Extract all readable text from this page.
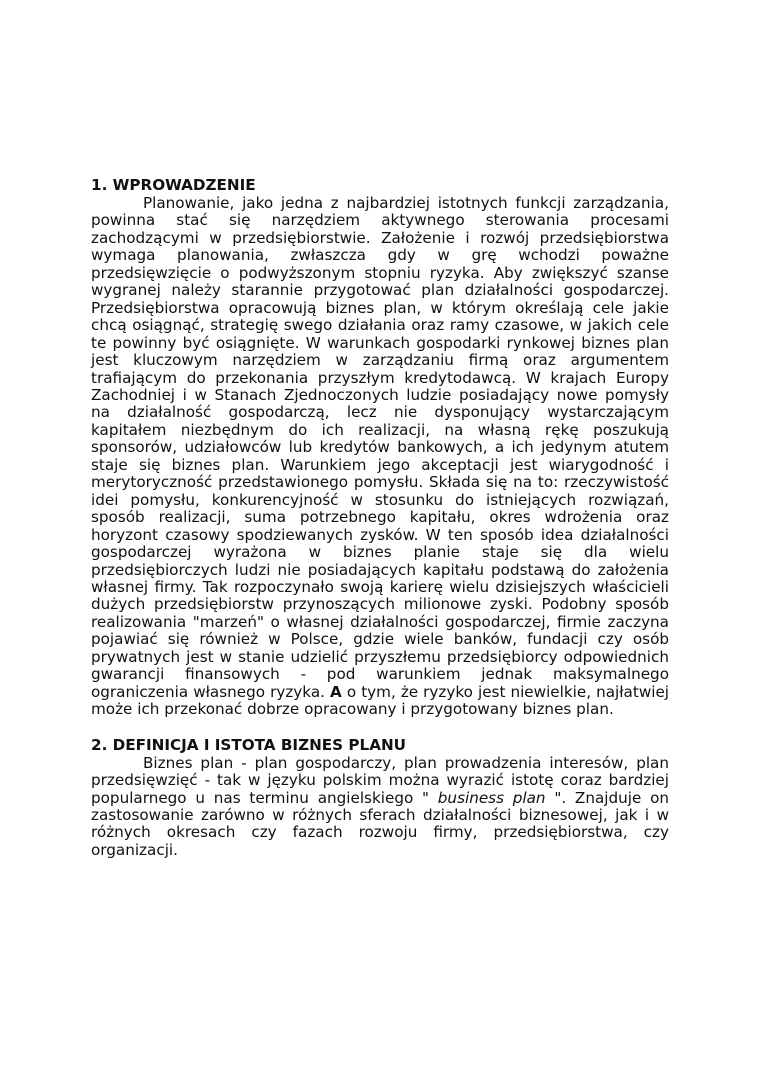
1. WPROWADZENIE

Planowanie, jako jedna z najbardziej istotnych funkcji zarządzania, powinna stać się narzędziem aktywnego sterowania procesami zachodzącymi w przedsiębiorstwie. Założenie i rozwój przedsiębiorstwa wymaga planowania, zwłaszcza gdy w grę wchodzi poważne przedsięwzięcie o podwyższonym stopniu ryzyka. Aby zwiększyć szanse wygranej należy starannie przygotować plan działalności gospodarczej. Przedsiębiorstwa opracowują biznes plan, w którym określają cele jakie chcą osiągnąć, strategię swego działania oraz ramy czasowe, w jakich cele te powinny być osiągnięte. W warunkach gospodarki rynkowej biznes plan jest kluczowym narzędziem w zarządzaniu firmą oraz argumentem trafiającym do przekonania przyszłym kredytodawcą. W krajach Europy Zachodniej i w Stanach Zjednoczonych ludzie posiadający nowe pomysły na działalność gospodarczą, lecz nie dysponujący wystarczającym kapitałem niezbędnym do ich realizacji, na własną rękę poszukują sponsorów, udziałowców lub kredytów bankowych, a ich jedynym atutem staje się biznes plan. Warunkiem jego akceptacji jest wiarygodność i merytoryczność przedstawionego pomysłu. Składa się na to: rzeczywistość idei pomysłu, konkurencyjność w stosunku do istniejących rozwiązań, sposób realizacji, suma potrzebnego kapitału, okres wdrożenia oraz horyzont czasowy spodziewanych zysków. W ten sposób idea działalności gospodarczej wyrażona w biznes planie staje się dla wielu przedsiębiorczych ludzi nie posiadających kapitału podstawą do założenia własnej firmy. Tak rozpoczynało swoją karierę wielu dzisiejszych właścicieli dużych przedsiębiorstw przynoszących milionowe zyski. Podobny sposób realizowania "marzeń" o własnej działalności gospodarczej, firmie zaczyna pojawiać się również w Polsce, gdzie wiele banków, fundacji czy osób prywatnych jest w stanie udzielić przyszłemu przedsiębiorcy odpowiednich gwarancji finansowych - pod warunkiem jednak maksymalnego ograniczenia własnego ryzyka. A o tym, że ryzyko jest niewielkie, najłatwiej może ich przekonać dobrze opracowany i przygotowany biznes plan.

2. DEFINICJA I ISTOTA BIZNES PLANU

Biznes plan - plan gospodarczy, plan prowadzenia interesów, plan przedsięwzięć - tak w języku polskim można wyrazić istotę coraz bardziej popularnego u nas terminu angielskiego " business plan ". Znajduje on zastosowanie zarówno w różnych sferach działalności biznesowej, jak i w różnych okresach czy fazach rozwoju firmy, przedsiębiorstwa, czy organizacji.
